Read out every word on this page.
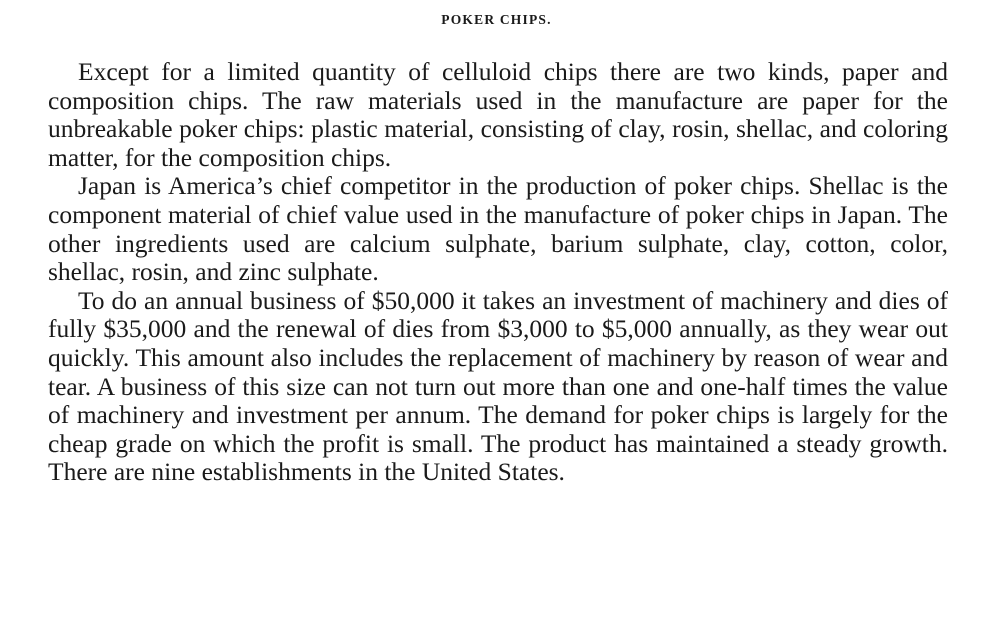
POKER CHIPS.

Except for a limited quantity of celluloid chips there are two kinds, paper and composition chips. The raw materials used in the manufacture are paper for the unbreakable poker chips: plastic material, consisting of clay, rosin, shellac, and coloring matter, for the composition chips.

Japan is America’s chief competitor in the production of poker chips. Shellac is the component material of chief value used in the manufacture of poker chips in Japan. The other ingredients used are calcium sulphate, barium sulphate, clay, cotton, color, shellac, rosin, and zinc sulphate.

To do an annual business of $50,000 it takes an investment of machinery and dies of fully $35,000 and the renewal of dies from $3,000 to $5,000 annually, as they wear out quickly. This amount also includes the replacement of machinery by reason of wear and tear. A business of this size can not turn out more than one and one-half times the value of machinery and investment per annum. The demand for poker chips is largely for the cheap grade on which the profit is small. The product has maintained a steady growth. There are nine establishments in the United States.
